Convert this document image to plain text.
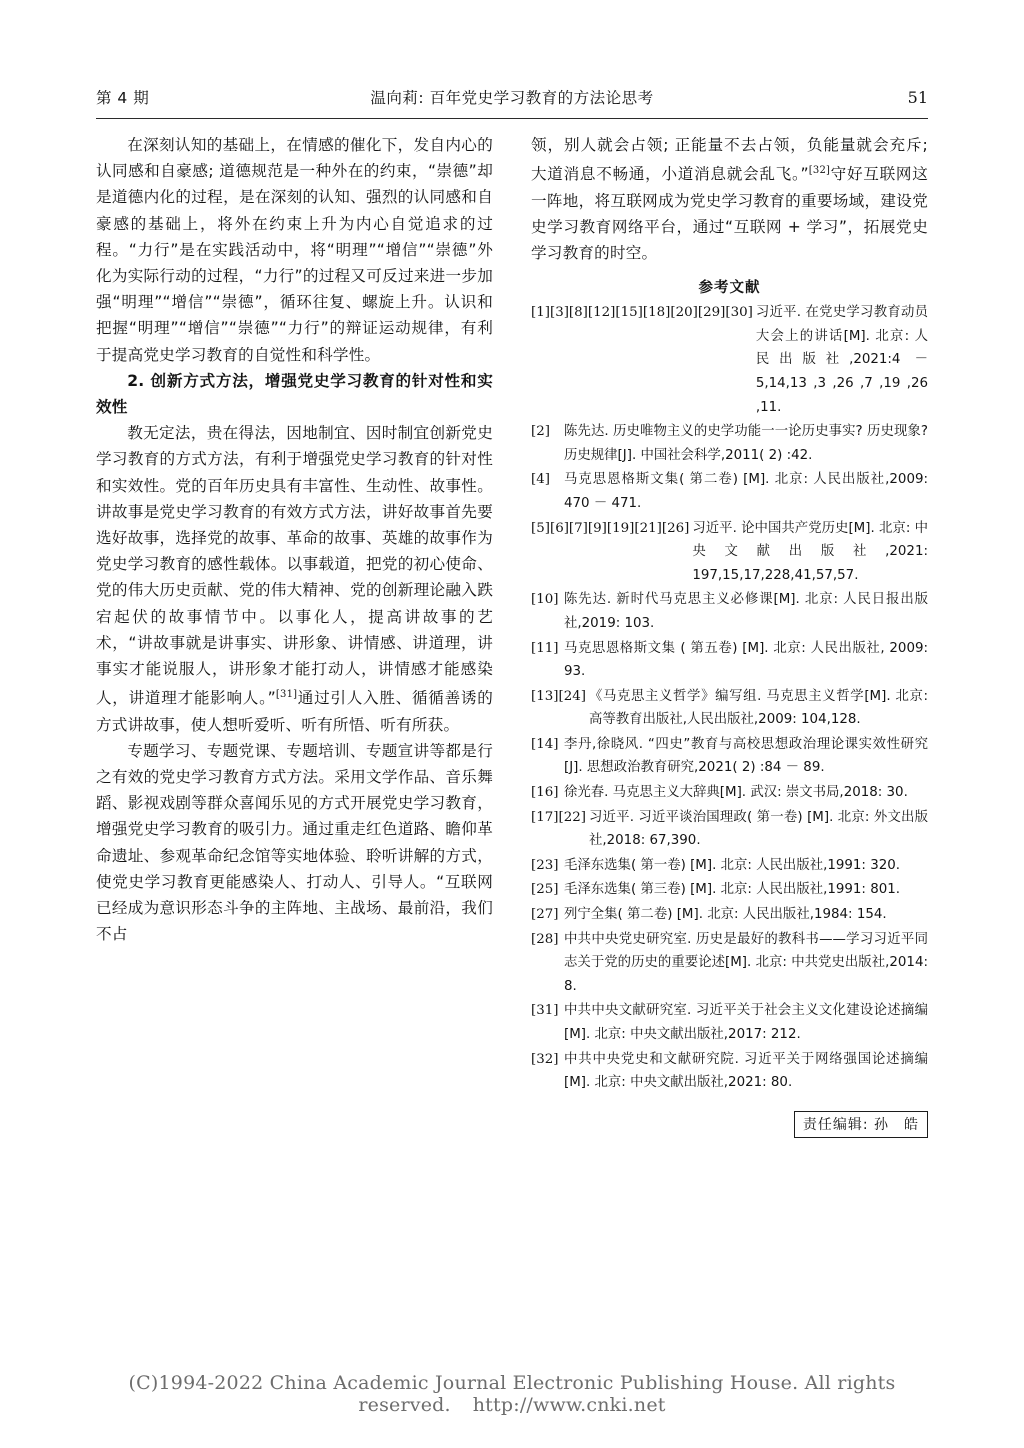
第 4 期	温向莉: 百年党史学习教育的方法论思考	51

在深刻认知的基础上，在情感的催化下，发自内心的认同感和自豪感; 道德规范是一种外在的约束，“崇德”却是道德内化的过程，是在深刻的认知、强烈的认同感和自豪感的基础上，将外在约束上升为内心自觉追求的过程。“力行”是在实践活动中，将“明理”“增信”“崇德”外化为实际行动的过程，“力行”的过程又可反过来进一步加强“明理”“增信”“崇德”，循环往复、螺旋上升。认识和把握“明理”“增信”“崇德”“力行”的辩证运动规律，有利于提高党史学习教育的自觉性和科学性。

2. 创新方式方法，增强党史学习教育的针对性和实效性

教无定法，贵在得法，因地制宜、因时制宜创新党史学习教育的方式方法，有利于增强党史学习教育的针对性和实效性。党的百年历史具有丰富性、生动性、故事性。讲故事是党史学习教育的有效方式方法，讲好故事首先要选好故事，选择党的故事、革命的故事、英雄的故事作为党史学习教育的感性载体。以事载道，把党的初心使命、党的伟大历史贡献、党的伟大精神、党的创新理论融入跌宕起伏的故事情节中。以事化人，提高讲故事的艺术，“讲故事就是讲事实、讲形象、讲情感、讲道理，讲事实才能说服人，讲形象才能打动人，讲情感才能感染人，讲道理才能影响人。”[31]通过引人入胜、循循善诱的方式讲故事，使人想听爱听、听有所悟、听有所获。

专题学习、专题党课、专题培训、专题宣讲等都是行之有效的党史学习教育方式方法。采用文学作品、音乐舞蹈、影视戏剧等群众喜闻乐见的方式开展党史学习教育，增强党史学习教育的吸引力。通过重走红色道路、瞻仰革命遗址、参观革命纪念馆等实地体验、聆听讲解的方式，使党史学习教育更能感染人、打动人、引导人。“互联网已经成为意识形态斗争的主阵地、主战场、最前沿，我们不占

领，别人就会占领; 正能量不去占领，负能量就会充斥; 大道消息不畅通，小道消息就会乱飞。”[32]守好互联网这一阵地，将互联网成为党史学习教育的重要场域，建设党史学习教育网络平台，通过“互联网 + 学习”，拓展党史学习教育的时空。

参考文献
[1][3][8][12][15][18][20][29][30] 习近平. 在党史学习教育动员大会上的讲话[M]. 北京: 人民出版社,2021:4 － 5,14,13 ,3 ,26 ,7 ,19 ,26 ,11.
[2]	陈先达. 历史唯物主义的史学功能一一论历史事实? 历史现象? 历史规律[J]. 中国社会科学,2011( 2) :42.
[4]	马克思恩格斯文集( 第二卷) [M]. 北京: 人民出版社,2009: 470 － 471.
[5][6][7][9][19][21][26] 习近平. 论中国共产党历史[M]. 北京: 中央文献出版社,2021: 197,15,17,228,41,57,57.
[10] 陈先达. 新时代马克思主义必修课[M]. 北京: 人民日报出版社,2019: 103.
[11] 马克思恩格斯文集 ( 第五卷) [M]. 北京: 人民出版社, 2009: 93.
[13][24] 《马克思主义哲学》编写组. 马克思主义哲学[M]. 北京: 高等教育出版社,人民出版社,2009: 104,128.
[14] 李丹,徐晓风. “四史”教育与高校思想政治理论课实效性研究[J]. 思想政治教育研究,2021( 2) :84 － 89.
[16] 徐光春. 马克思主义大辞典[M]. 武汉: 崇文书局,2018: 30.
[17][22] 习近平. 习近平谈治国理政( 第一卷) [M]. 北京: 外文出版社,2018: 67,390.
[23] 毛泽东选集( 第一卷) [M]. 北京: 人民出版社,1991: 320.
[25] 毛泽东选集( 第三卷) [M]. 北京: 人民出版社,1991: 801.
[27] 列宁全集( 第二卷) [M]. 北京: 人民出版社,1984: 154.
[28] 中共中央党史研究室. 历史是最好的教科书——学习习近平同志关于党的历史的重要论述[M]. 北京: 中共党史出版社,2014: 8.
[31] 中共中央文献研究室. 习近平关于社会主义文化建设论述摘编[M]. 北京: 中央文献出版社,2017: 212.
[32] 中共中央党史和文献研究院. 习近平关于网络强国论述摘编[M]. 北京: 中央文献出版社,2021: 80.
责任编辑: 孙　皓
(C)1994-2022 China Academic Journal Electronic Publishing House. All rights reserved. http://www.cnki.net
